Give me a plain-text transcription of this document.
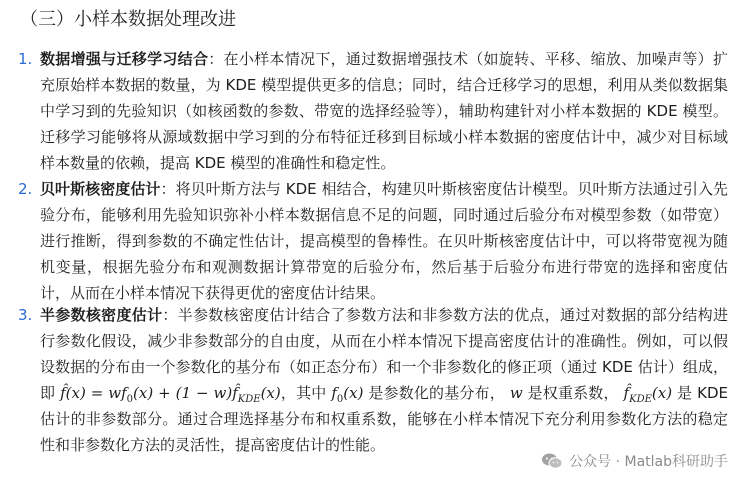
（三）小样本数据处理改进
1. 数据增强与迁移学习结合：在小样本情况下，通过数据增强技术（如旋转、平移、缩放、加噪声等）扩充原始样本数据的数量，为 KDE 模型提供更多的信息；同时，结合迁移学习的思想，利用从类似数据集中学习到的先验知识（如核函数的参数、带宽的选择经验等），辅助构建针对小样本数据的 KDE 模型。迁移学习能够将从源域数据中学习到的分布特征迁移到目标域小样本数据的密度估计中，减少对目标域样本数量的依赖，提高 KDE 模型的准确性和稳定性。
2. 贝叶斯核密度估计：将贝叶斯方法与 KDE 相结合，构建贝叶斯核密度估计模型。贝叶斯方法通过引入先验分布，能够利用先验知识弥补小样本数据信息不足的问题，同时通过后验分布对模型参数（如带宽）进行推断，得到参数的不确定性估计，提高模型的鲁棒性。在贝叶斯核密度估计中，可以将带宽视为随机变量，根据先验分布和观测数据计算带宽的后验分布，然后基于后验分布进行带宽的选择和密度估计，从而在小样本情况下获得更优的密度估计结果。
3. 半参数核密度估计：半参数核密度估计结合了参数方法和非参数方法的优点，通过对数据的部分结构进行参数化假设，减少非参数部分的自由度，从而在小样本情况下提高密度估计的准确性。例如，可以假设数据的分布由一个参数化的基分布（如正态分布）和一个非参数化的修正项（通过 KDE 估计）组成，即 f̂(x) = $wf_0(x) + (1$ − $w)f̂_{KDE}(x)$，其中 $f_0(x)$ 是参数化的基分布， w 是权重系数， $f̂_{KDE}(x)$ 是 KDE 估计的非参数部分。通过合理选择基分布和权重系数，能够在小样本情况下充分利用参数化方法的稳定性和非参数化方法的灵活性，提高密度估计的性能。
公众号 · Matlab科研助手
